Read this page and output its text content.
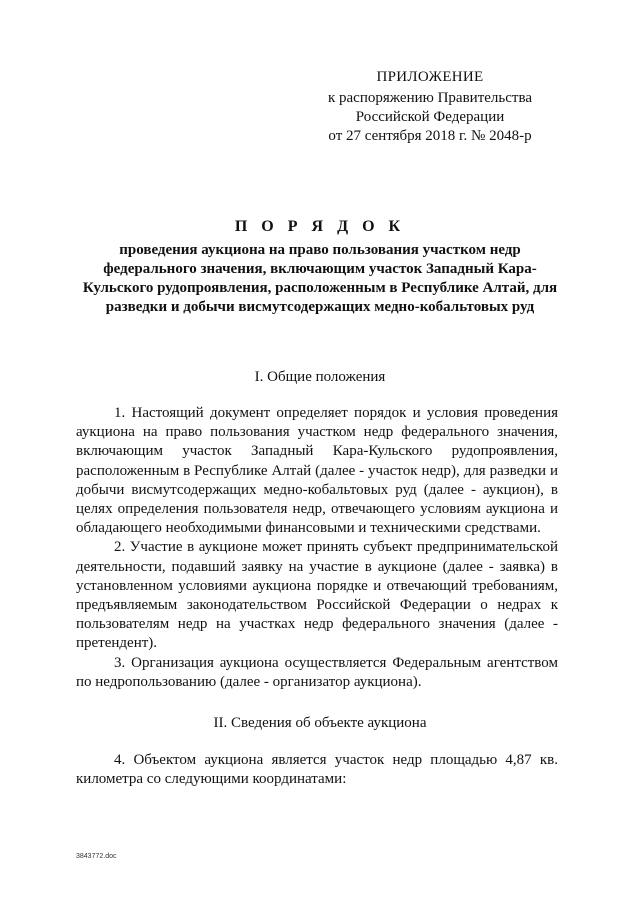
ПРИЛОЖЕНИЕ
к распоряжению Правительства
Российской Федерации
от 27 сентября 2018 г. № 2048-р
П О Р Я Д О К
проведения аукциона на право пользования участком недр федерального значения, включающим участок Западный Кара-Кульского рудопроявления, расположенным в Республике Алтай, для разведки и добычи висмутсодержащих медно-кобальтовых руд
I. Общие положения

1. Настоящий документ определяет порядок и условия проведения аукциона на право пользования участком недр федерального значения, включающим участок Западный Кара-Кульского рудопроявления, расположенным в Республике Алтай (далее - участок недр), для разведки и добычи висмутсодержащих медно-кобальтовых руд (далее - аукцион), в целях определения пользователя недр, отвечающего условиям аукциона и обладающего необходимыми финансовыми и техническими средствами.

2. Участие в аукционе может принять субъект предпринимательской деятельности, подавший заявку на участие в аукционе (далее - заявка) в установленном условиями аукциона порядке и отвечающий требованиям, предъявляемым законодательством Российской Федерации о недрах к пользователям недр на участках недр федерального значения (далее - претендент).

3. Организация аукциона осуществляется Федеральным агентством по недропользованию (далее - организатор аукциона).

II. Сведения об объекте аукциона

4. Объектом аукциона является участок недр площадью 4,87 кв. километра со следующими координатами:

3843772.doc
